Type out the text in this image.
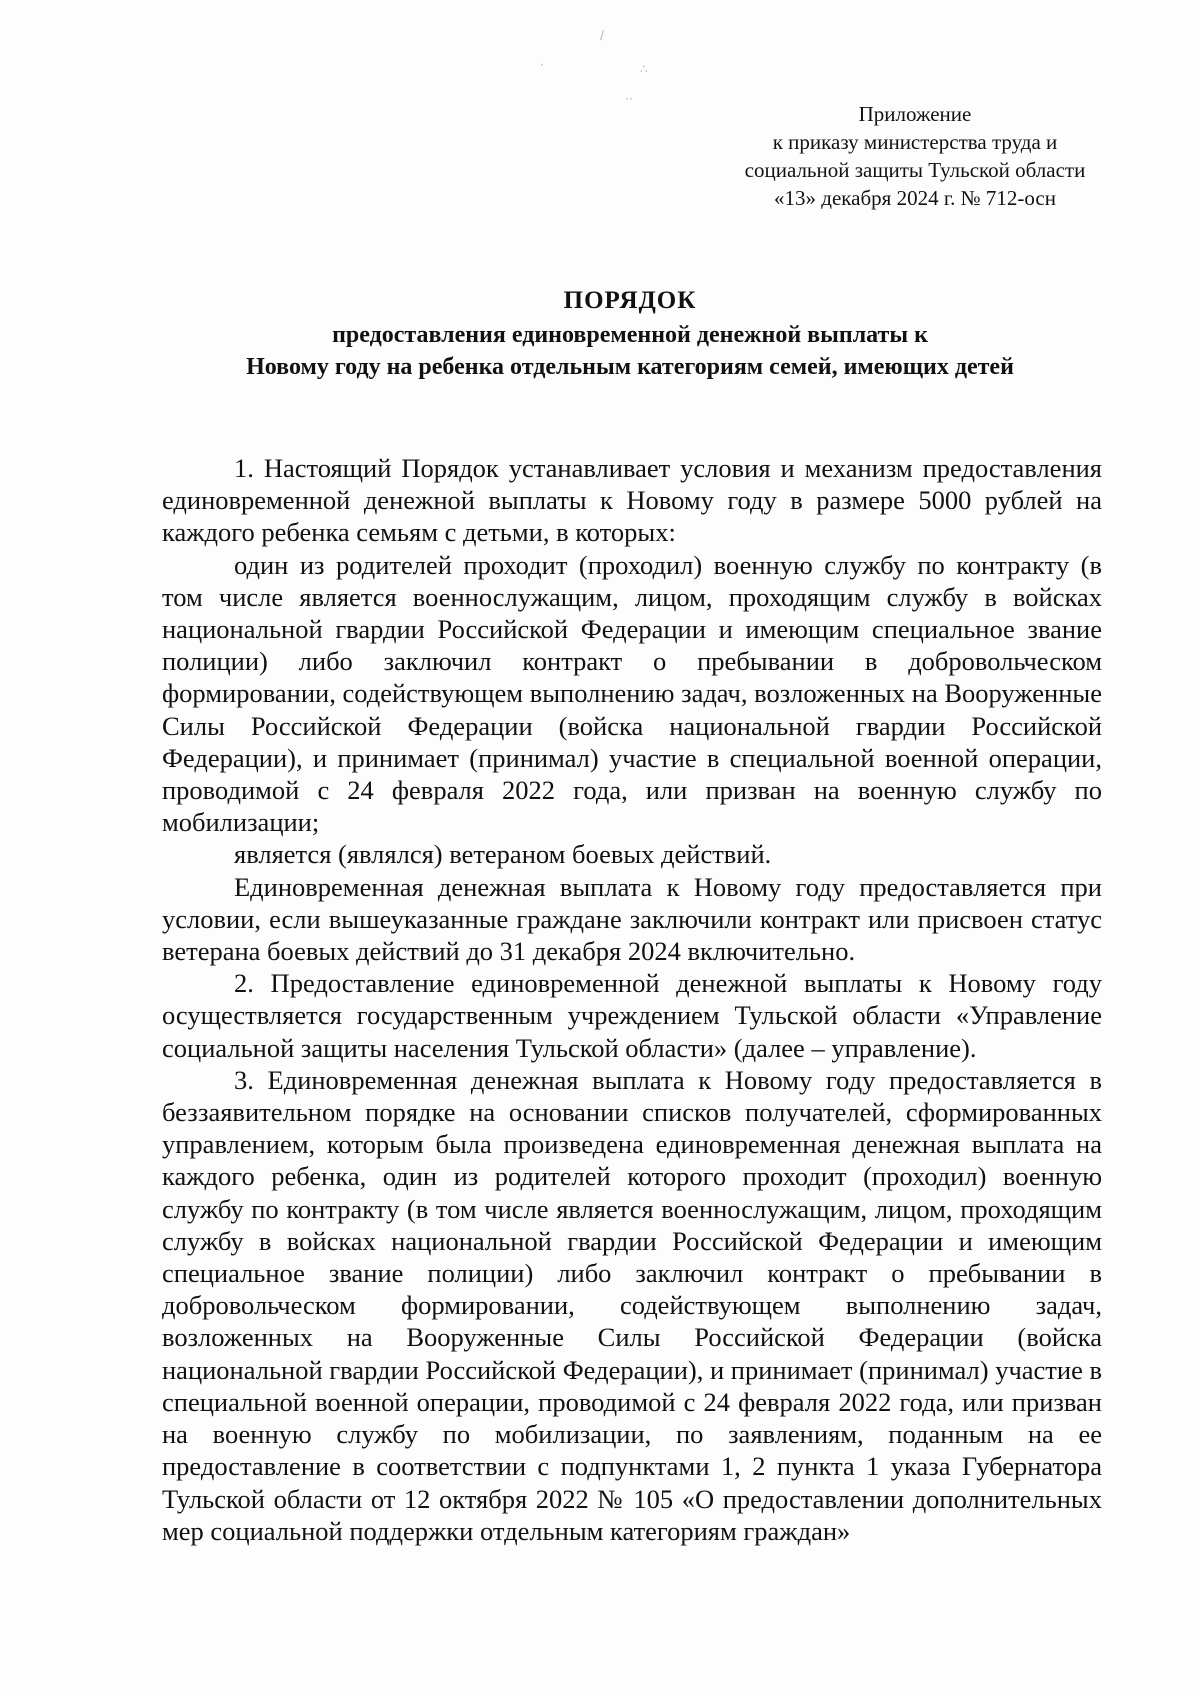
/
·	∴
··
Приложение
к приказу министерства труда и
социальной защиты Тульской области
«13» декабря 2024 г. № 712-осн
ПОРЯДОК
предоставления единовременной денежной выплаты к
Новому году на ребенка отдельным категориям семей, имеющих детей

1. Настоящий Порядок устанавливает условия и механизм предоставления единовременной денежной выплаты к Новому году в размере 5000 рублей на каждого ребенка семьям с детьми, в которых:

один из родителей проходит (проходил) военную службу по контракту (в том числе является военнослужащим, лицом, проходящим службу в войсках национальной гвардии Российской Федерации и имеющим специальное звание полиции) либо заключил контракт о пребывании в добровольческом формировании, содействующем выполнению задач, возложенных на Вооруженные Силы Российской Федерации (войска национальной гвардии Российской Федерации), и принимает (принимал) участие в специальной военной операции, проводимой с 24 февраля 2022 года, или призван на военную службу по мобилизации;

является (являлся) ветераном боевых действий.

Единовременная денежная выплата к Новому году предоставляется при условии, если вышеуказанные граждане заключили контракт или присвоен статус ветерана боевых действий до 31 декабря 2024 включительно.

2. Предоставление единовременной денежной выплаты к Новому году осуществляется государственным учреждением Тульской области «Управление социальной защиты населения Тульской области» (далее – управление).

3. Единовременная денежная выплата к Новому году предоставляется в беззаявительном порядке на основании списков получателей, сформированных управлением, которым была произведена единовременная денежная выплата на каждого ребенка, один из родителей которого проходит (проходил) военную службу по контракту (в том числе является военнослужащим, лицом, проходящим службу в войсках национальной гвардии Российской Федерации и имеющим специальное звание полиции) либо заключил контракт о пребывании в добровольческом формировании, содействующем выполнению задач, возложенных на Вооруженные Силы Российской Федерации (войска национальной гвардии Российской Федерации), и принимает (принимал) участие в специальной военной операции, проводимой с 24 февраля 2022 года, или призван на военную службу по мобилизации, по заявлениям, поданным на ее предоставление в соответствии с подпунктами 1, 2 пункта 1 указа Губернатора Тульской области от 12 октября 2022 № 105 «О предоставлении дополнительных мер социальной поддержки отдельным категориям граждан»
